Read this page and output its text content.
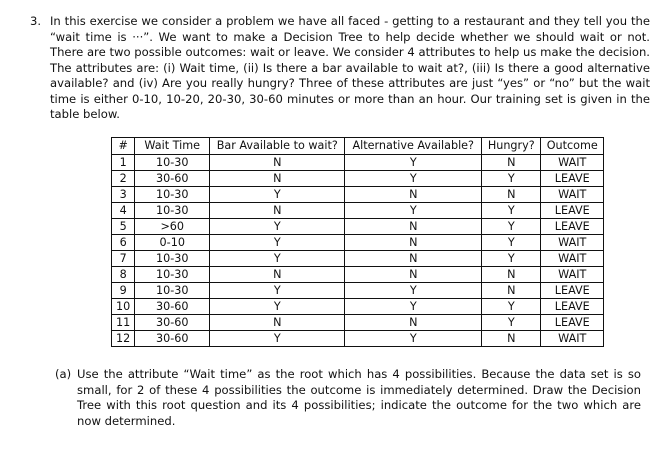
3. In this exercise we consider a problem we have all faced - getting to a restaurant and they tell you the “wait time is ···”. We want to make a Decision Tree to help decide whether we should wait or not. There are two possible outcomes: wait or leave. We consider 4 attributes to help us make the decision. The attributes are: (i) Wait time, (ii) Is there a bar available to wait at?, (iii) Is there a good alternative available? and (iv) Are you really hungry? Three of these attributes are just “yes” or “no” but the wait time is either 0-10, 10-20, 20-30, 30-60 minutes or more than an hour. Our training set is given in the table below.
#	Wait Time	Bar Available to wait?	Alternative Available?	Hungry?	Outcome
1	10-30	N	Y	N	WAIT
2	30-60	N	Y	Y	LEAVE
3	10-30	Y	N	N	WAIT
4	10-30	N	Y	Y	LEAVE
5	>60	Y	N	Y	LEAVE
6	0-10	Y	N	Y	WAIT
7	10-30	Y	N	Y	WAIT
8	10-30	N	N	N	WAIT
9	10-30	Y	Y	N	LEAVE
10	30-60	Y	Y	Y	LEAVE
11	30-60	N	N	Y	LEAVE
12	30-60	Y	Y	N	WAIT
(a) Use the attribute “Wait time” as the root which has 4 possibilities. Because the data set is so small, for 2 of these 4 possibilities the outcome is immediately determined. Draw the Decision Tree with this root question and its 4 possibilities; indicate the outcome for the two which are now determined.
